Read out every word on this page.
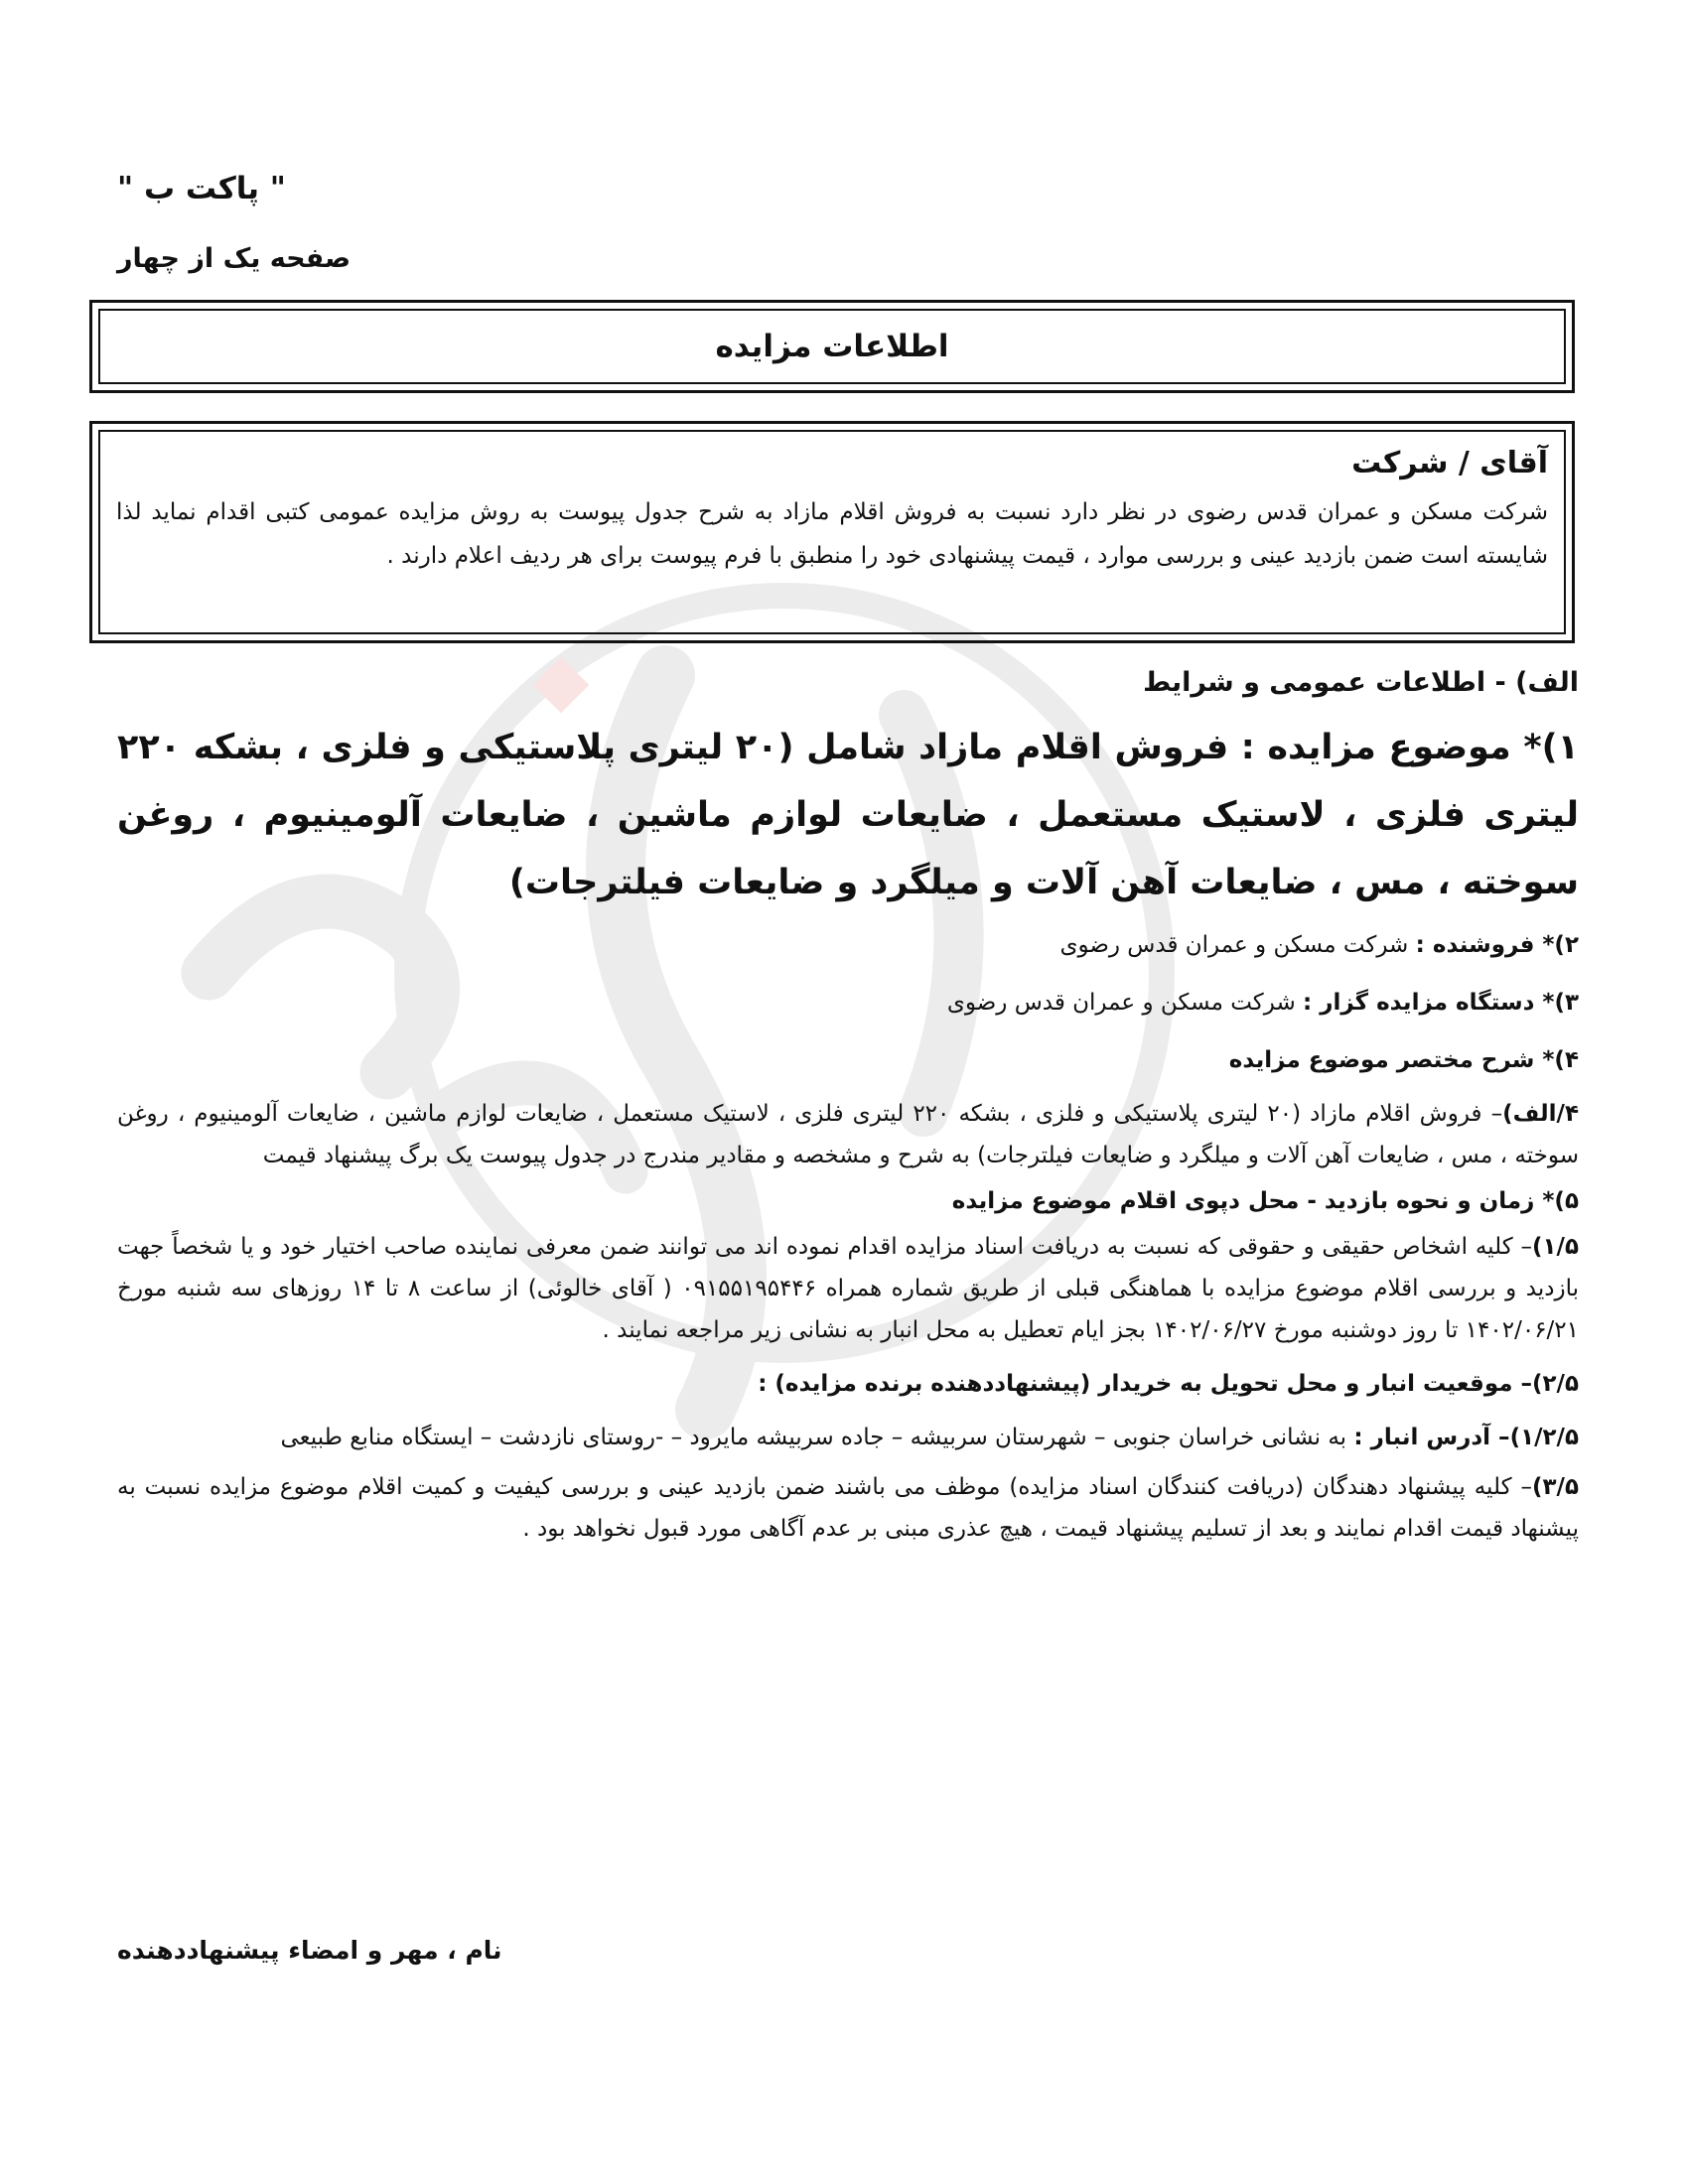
" پاکت ب "
صفحه یک از چهار
اطلاعات مزایده
آقای / شرکت
شرکت مسکن و عمران قدس رضوی در نظر دارد نسبت به فروش اقلام مازاد به شرح جدول پیوست به روش مزایده عمومی کتبی اقدام نماید لذا شایسته است ضمن بازدید عینی و بررسی موارد ، قیمت پیشنهادی خود را منطبق با فرم پیوست برای هر ردیف اعلام دارند .
الف) - اطلاعات عمومی و شرایط
۱)* موضوع مزایده : فروش اقلام مازاد شامل (۲۰ لیتری پلاستیکی و فلزی ، بشکه ۲۲۰ لیتری فلزی ، لاستیک مستعمل ، ضایعات لوازم ماشین ، ضایعات آلومینیوم ، روغن سوخته ، مس ، ضایعات آهن آلات و میلگرد و ضایعات فیلترجات)
۲)* فروشنده : شرکت مسکن و عمران قدس رضوی
۳)* دستگاه مزایده گزار : شرکت مسکن و عمران قدس رضوی
۴)* شرح مختصر موضوع مزایده
۴/الف)– فروش اقلام مازاد (۲۰ لیتری پلاستیکی و فلزی ، بشکه ۲۲۰ لیتری فلزی ، لاستیک مستعمل ، ضایعات لوازم ماشین ، ضایعات آلومینیوم ، روغن سوخته ، مس ، ضایعات آهن آلات و میلگرد و ضایعات فیلترجات) به شرح و مشخصه و مقادیر مندرج در جدول پیوست یک برگ پیشنهاد قیمت
۵)* زمان و نحوه بازدید - محل دپوی اقلام موضوع مزایده
۱/۵)– کلیه اشخاص حقیقی و حقوقی که نسبت به دریافت اسناد مزایده اقدام نموده اند می توانند ضمن معرفی نماینده صاحب اختیار خود و یا شخصاً جهت بازدید و بررسی اقلام موضوع مزایده با هماهنگی قبلی از طریق شماره همراه ۰۹۱۵۵۱۹۵۴۴۶ ( آقای خالوئی) از ساعت ۸ تا ۱۴ روزهای سه شنبه مورخ ۱۴۰۲/۰۶/۲۱ تا روز دوشنبه مورخ ۱۴۰۲/۰۶/۲۷ بجز ایام تعطیل به محل انبار به نشانی زیر مراجعه نمایند .
۲/۵)– موقعیت انبار و محل تحویل به خریدار (پیشنهاددهنده برنده مزایده) :
۱/۲/۵)– آدرس انبار : به نشانی خراسان جنوبی – شهرستان سربیشه – جاده سربیشه مایرود – -روستای نازدشت – ایستگاه منابع طبیعی
۳/۵)– کلیه پیشنهاد دهندگان (دریافت کنندگان اسناد مزایده) موظف می باشند ضمن بازدید عینی و بررسی کیفیت و کمیت اقلام موضوع مزایده نسبت به پیشنهاد قیمت اقدام نمایند و بعد از تسلیم پیشنهاد قیمت ، هیچ عذری مبنی بر عدم آگاهی مورد قبول نخواهد بود .
نام ، مهر و امضاء پیشنهاددهنده
